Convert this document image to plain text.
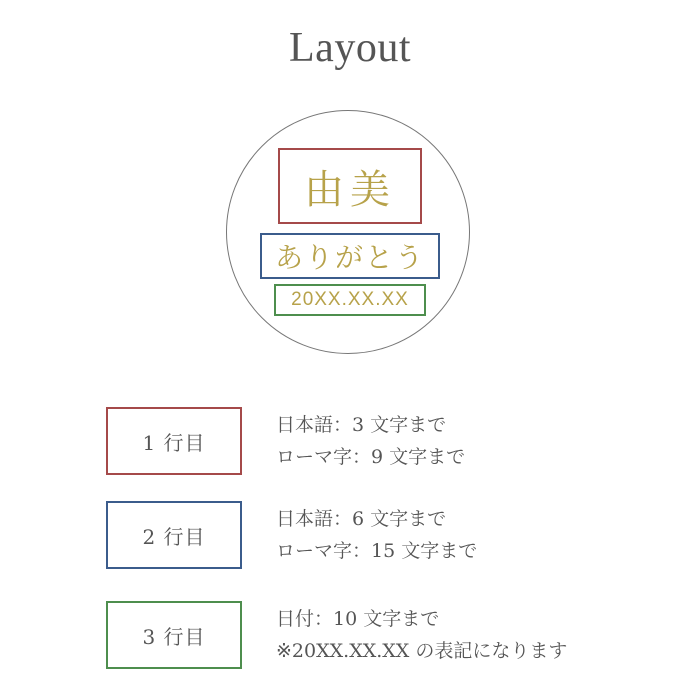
Layout
由美
ありがとう
20XX.XX.XX
1 行目
日本語：3 文字まで
ローマ字：9 文字まで
2 行目
日本語：6 文字まで
ローマ字：15 文字まで
3 行目
日付：10 文字まで
※20XX.XX.XX の表記になります
